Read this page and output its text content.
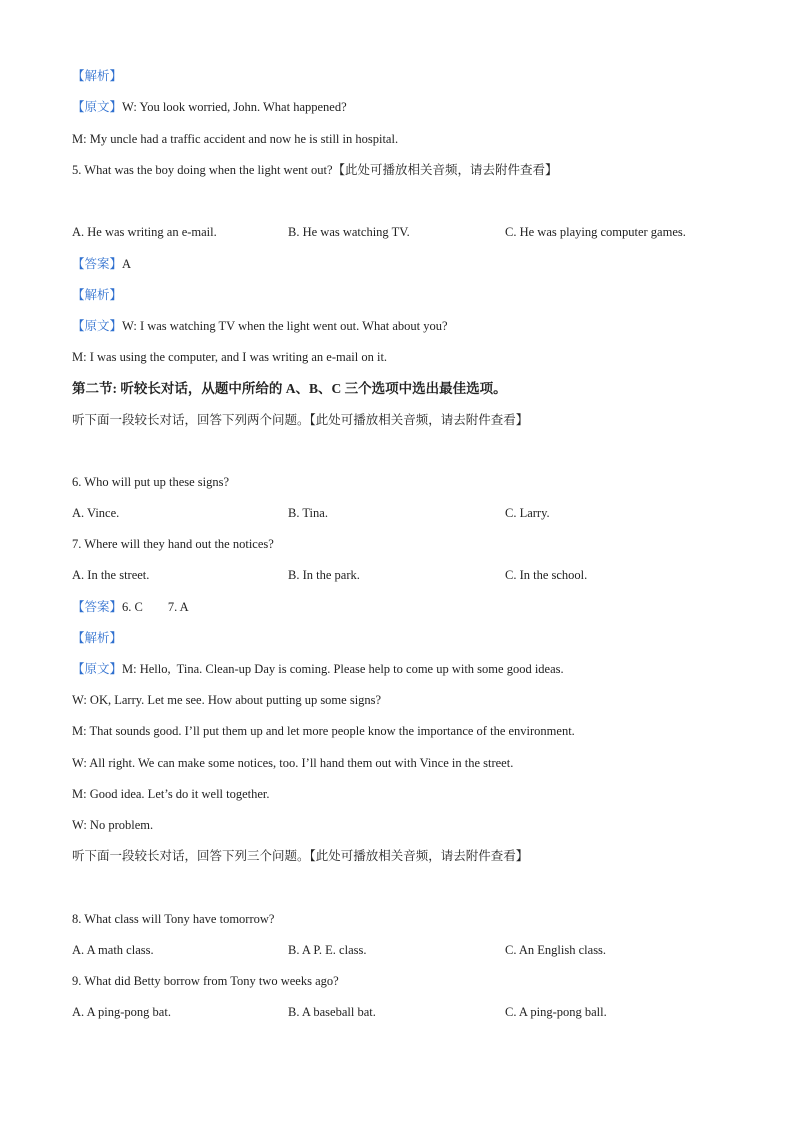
【解析】
【原文】W: You look worried, John. What happened?
M: My uncle had a traffic accident and now he is still in hospital.
5. What was the boy doing when the light went out?【此处可播放相关音频，请去附件查看】
A. He was writing an e-mail.	B. He was watching TV.	C. He was playing computer games.
【答案】A
【解析】
【原文】W: I was watching TV when the light went out. What about you?
M: I was using the computer, and I was writing an e-mail on it.
第二节: 听较长对话，从题中所给的 A、B、C 三个选项中选出最佳选项。
听下面一段较长对话，回答下列两个问题。【此处可播放相关音频，请去附件查看】
6. Who will put up these signs?
A. Vince.	B. Tina.	C. Larry.
7. Where will they hand out the notices?
A. In the street.	B. In the park.	C. In the school.
【答案】6. C        7. A
【解析】
【原文】M: Hello,  Tina. Clean-up Day is coming. Please help to come up with some good ideas.
W: OK, Larry. Let me see. How about putting up some signs?
M: That sounds good. I’ll put them up and let more people know the importance of the environment.
W: All right. We can make some notices, too. I’ll hand them out with Vince in the street.
M: Good idea. Let’s do it well together.
W: No problem.
听下面一段较长对话，回答下列三个问题。【此处可播放相关音频，请去附件查看】
8. What class will Tony have tomorrow?
A. A math class.	B. A P. E. class.	C. An English class.
9. What did Betty borrow from Tony two weeks ago?
A. A ping-pong bat.	B. A baseball bat.	C. A ping-pong ball.
